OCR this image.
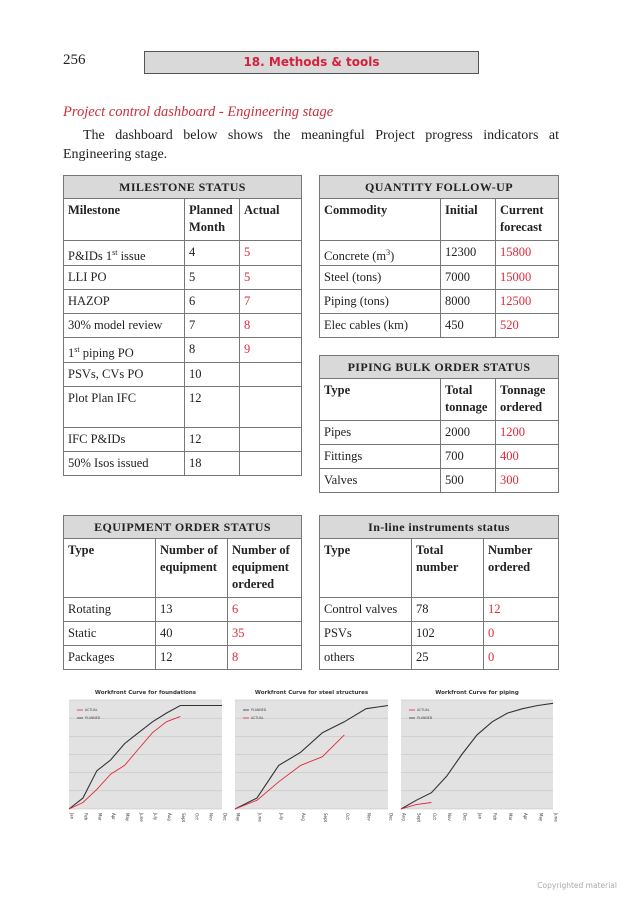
256	18. Methods & tools
Project control dashboard - Engineering stage
The dashboard below shows the meaningful Project progress indicators at Engineering stage.
MILESTONE STATUS		
Milestone	Planned Month	Actual
P&IDs 1st issue	4	5
LLI PO	5	5
HAZOP	6	7
30% model review	7	8
1st piping PO	8	9
PSVs, CVs PO	10	
Plot Plan IFC	12	
IFC P&IDs	12	
50% Isos issued	18	
QUANTITY FOLLOW-UP		
Commodity	Initial	Current forecast
Concrete $(m^3)$	12300	15800
Steel (tons)	7000	15000
Piping (tons)	8000	12500
Elec cables (km)	450	520
PIPING BULK ORDER STATUS		
Type	Total tonnage	Tonnage ordered
Pipes	2000	1200
Fittings	700	400
Valves	500	300
EQUIPMENT ORDER STATUS		
Type	Number of equipment	Number of equipment ordered
Rotating	13	6
Static	40	35
Packages	12	8
In-line instruments status		
Type	Total number	Number ordered
Control valves	78	12
PSVs	102	0
others	25	0
Workfront Curve for foundations
ACTUAL
PLANNED
Jan Feb Mar Apr May June July Aug Sept Oct Nov Dec
Workfront Curve for steel structures
PLANNED
ACTUAL
May	June	July	Aug	Sept	Oct	Nov	Dec
Workfront Curve for piping
ACTUAL
PLANNED
Aug	Sept	Oct	Nov	Dec	Jan	Feb	Mar	Apr	May	June
Copyrighted material
